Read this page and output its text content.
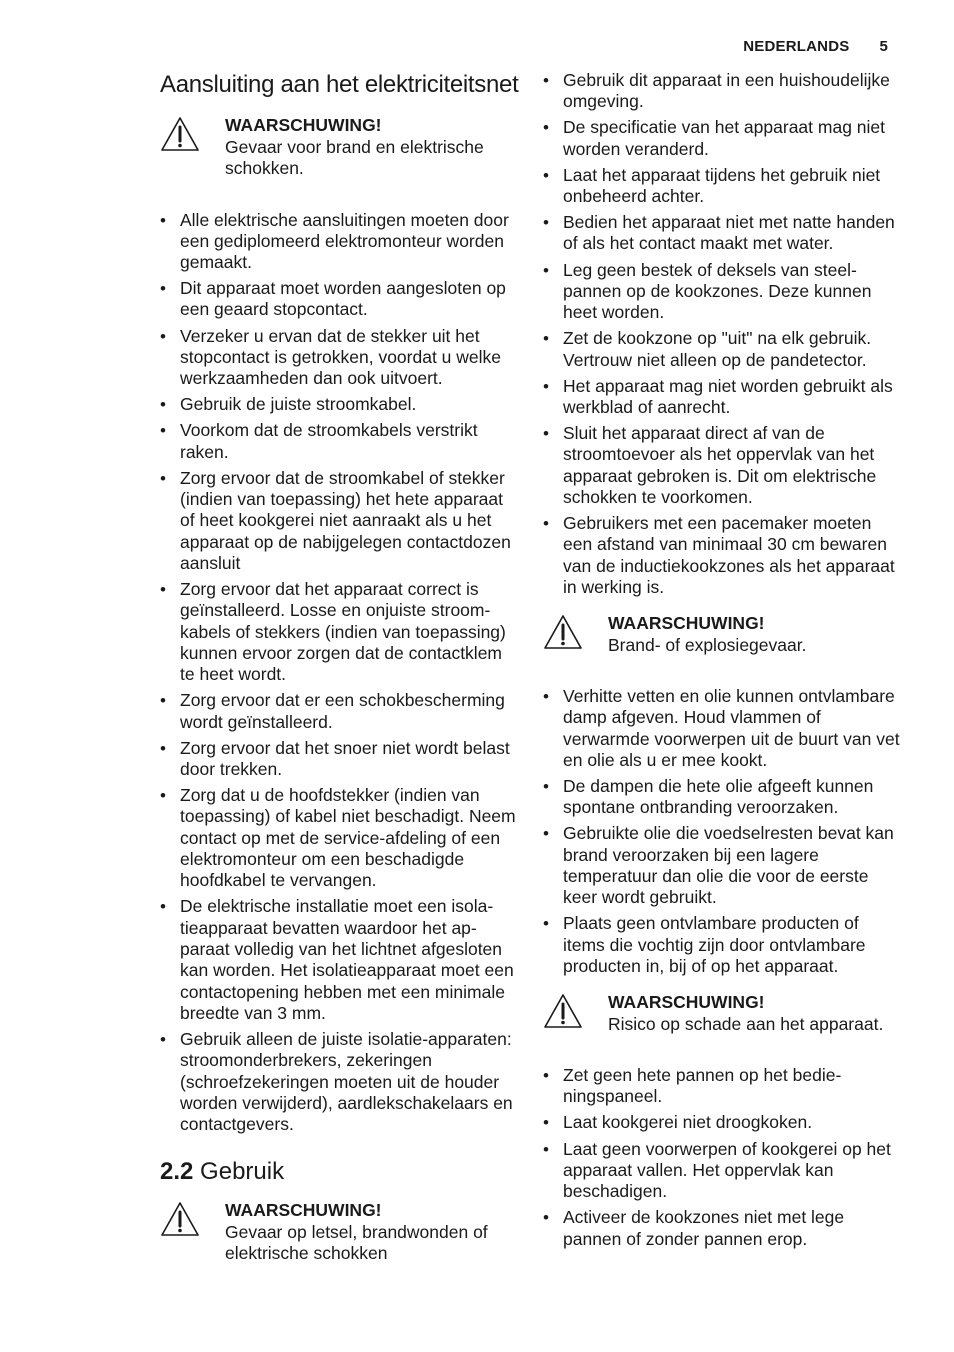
NEDERLANDS 5
Aansluiting aan het elektriciteitsnet
WAARSCHUWING!
Gevaar voor brand en elektrische schokken.
• Alle elektrische aansluitingen moeten door een gediplomeerd elektromonteur worden gemaakt.
• Dit apparaat moet worden aangesloten op een geaard stopcontact.
• Verzeker u ervan dat de stekker uit het stopcontact is getrokken, voordat u welke werkzaamheden dan ook uitvoert.
• Gebruik de juiste stroomkabel.
• Voorkom dat de stroomkabels verstrikt raken.
• Zorg ervoor dat de stroomkabel of stekker (indien van toepassing) het hete apparaat of heet kookgerei niet aanraakt als u het apparaat op de nabijgelegen contactdozen aansluit
• Zorg ervoor dat het apparaat correct is geïnstalleerd. Losse en onjuiste stroomkabels of stekkers (indien van toepassing) kunnen ervoor zorgen dat de contactklem te heet wordt.
• Zorg ervoor dat er een schokbescherming wordt geïnstalleerd.
• Zorg ervoor dat het snoer niet wordt belast door trekken.
• Zorg dat u de hoofdstekker (indien van toepassing) of kabel niet beschadigt. Neem contact op met de service-afdeling of een elektromonteur om een beschadigde hoofdkabel te vervangen.
• De elektrische installatie moet een isolatieapparaat bevatten waardoor het apparaat volledig van het lichtnet afgesloten kan worden. Het isolatieapparaat moet een contactopening hebben met een minimale breedte van 3 mm.
• Gebruik alleen de juiste isolatie-apparaten: stroomonderbrekers, zekeringen (schroefzekeringen moeten uit de houder worden verwijderd), aardlekschakelaars en contactgevers.
2.2 Gebruik
WAARSCHUWING!
Gevaar op letsel, brandwonden of elektrische schokken
• Gebruik dit apparaat in een huishoudelijke omgeving.
• De specificatie van het apparaat mag niet worden veranderd.
• Laat het apparaat tijdens het gebruik niet onbeheerd achter.
• Bedien het apparaat niet met natte handen of als het contact maakt met water.
• Leg geen bestek of deksels van steelpannen op de kookzones. Deze kunnen heet worden.
• Zet de kookzone op "uit" na elk gebruik. Vertrouw niet alleen op de pandetector.
• Het apparaat mag niet worden gebruikt als werkblad of aanrecht.
• Sluit het apparaat direct af van de stroomtoevoer als het oppervlak van het apparaat gebroken is. Dit om elektrische schokken te voorkomen.
• Gebruikers met een pacemaker moeten een afstand van minimaal 30 cm bewaren van de inductiekookzones als het apparaat in werking is.
WAARSCHUWING!
Brand- of explosiegevaar.
• Verhitte vetten en olie kunnen ontvlambare damp afgeven. Houd vlammen of verwarmde voorwerpen uit de buurt van vet en olie als u er mee kookt.
• De dampen die hete olie afgeeft kunnen spontane ontbranding veroorzaken.
• Gebruikte olie die voedselresten bevat kan brand veroorzaken bij een lagere temperatuur dan olie die voor de eerste keer wordt gebruikt.
• Plaats geen ontvlambare producten of items die vochtig zijn door ontvlambare producten in, bij of op het apparaat.
WAARSCHUWING!
Risico op schade aan het apparaat.
• Zet geen hete pannen op het bedieningspaneel.
• Laat kookgerei niet droogkoken.
• Laat geen voorwerpen of kookgerei op het apparaat vallen. Het oppervlak kan beschadigen.
• Activeer de kookzones niet met lege pannen of zonder pannen erop.
